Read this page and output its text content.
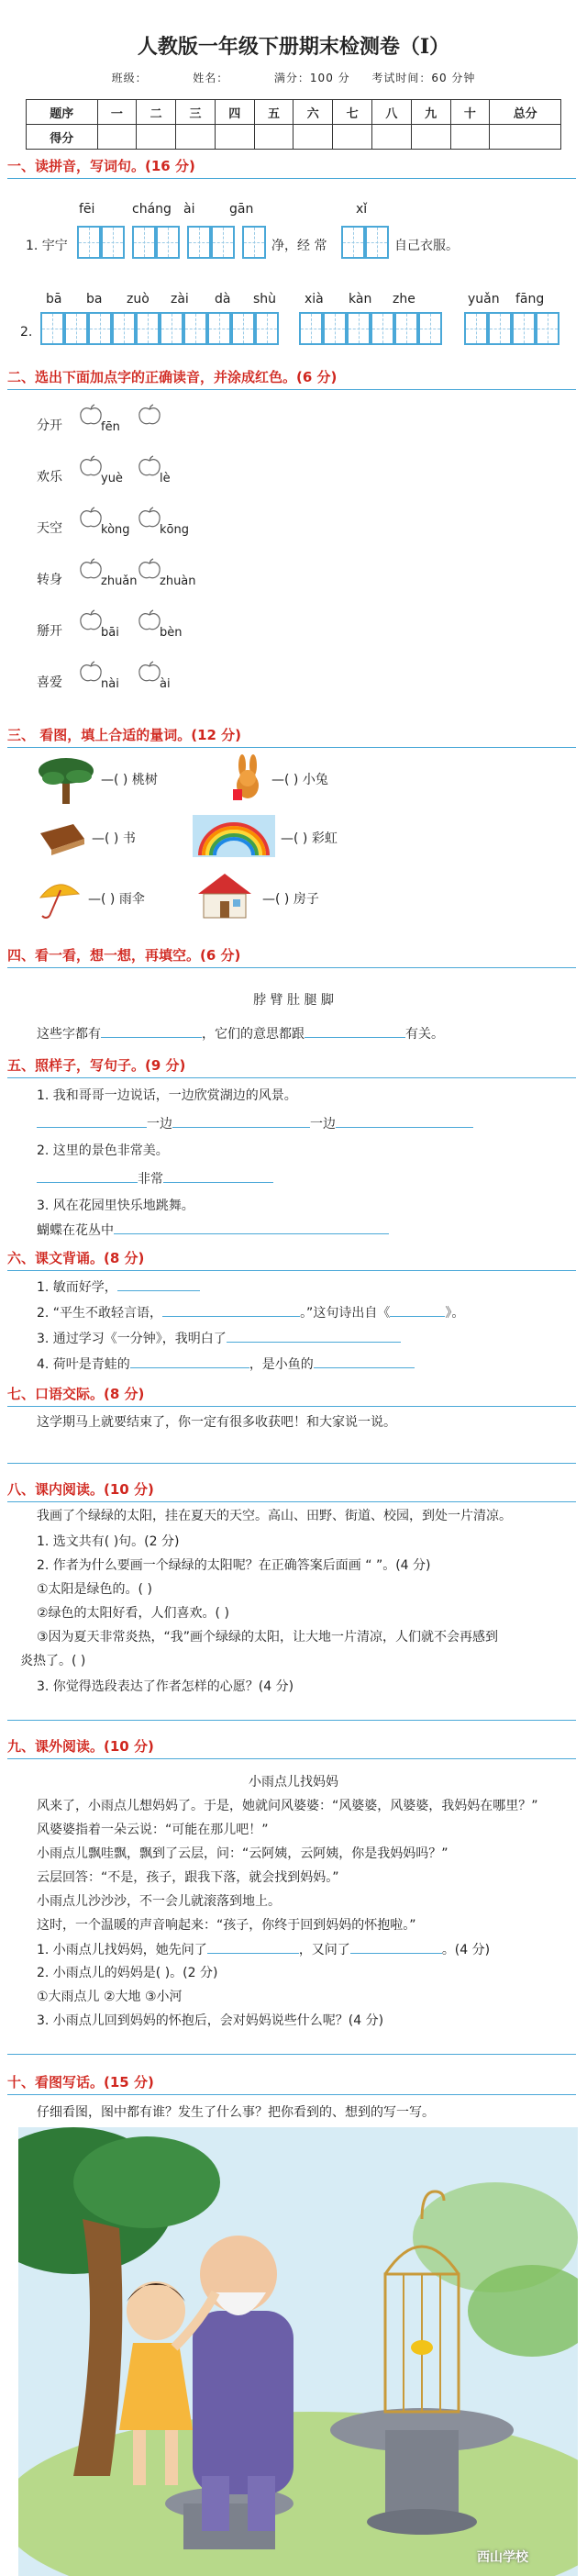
人教版一年级下册期末检测卷（Ⅰ）
班级：	姓名：	满分：100 分 考试时间：60 分钟
题序	一	二	三	四	五	六	七	八	九	十	总分
得分											
一、读拼音，写词句。(16 分)
fēi	cháng ài	gān	xǐ
1. 宇宁	净，经 常	自己衣服。
bā ba zuò zài dà shù xià kàn zhe	yuǎn fāng
2.
二、选出下面加点字的正确读音，并涂成红色。(6 分)
分开	fēn
欢乐	yuè	lè
天空	kòng kōng
转身	zhuǎn zhuàn
掰开	bāi	bèn
喜爱	nài	ài
三、 看图，填上合适的量词。(12 分)
—( ) 桃树	—( ) 小兔
—( ) 书	—( ) 彩虹
—( ) 雨伞	—( ) 房子
四、看一看，想一想，再填空。(6 分)
脖 臂 肚 腿 脚
这些字都有	，它们的意思都跟	有关。
五、照样子，写句子。(9 分)
1. 我和哥哥一边说话，一边欣赏湖边的风景。
一边	一边
2. 这里的景色非常美。
非常
3. 风在花园里快乐地跳舞。
蝴蝶在花丛中
六、课文背诵。(8 分)
1. 敏而好学，
2. “平生不敢轻言语，	。”这句诗出自《	》。
3. 通过学习《一分钟》，我明白了
4. 荷叶是青蛙的	，是小鱼的
七、口语交际。(8 分)
这学期马上就要结束了，你一定有很多收获吧！和大家说一说。
八、课内阅读。(10 分)
我画了个绿绿的太阳，挂在夏天的天空。高山、田野、街道、校园，到处一片清凉。
1. 选文共有( )句。(2 分)
2. 作者为什么要画一个绿绿的太阳呢？在正确答案后面画 “ ”。(4 分)
①太阳是绿色的。( )
②绿色的太阳好看，人们喜欢。( )
③因为夏天非常炎热，“我”画个绿绿的太阳，让大地一片清凉，人们就不会再感到
炎热了。( )
3. 你觉得选段表达了作者怎样的心愿？(4 分)
九、课外阅读。(10 分)
小雨点儿找妈妈
风来了，小雨点儿想妈妈了。于是，她就问风婆婆：“风婆婆，风婆婆，我妈妈在哪里？”
风婆婆指着一朵云说：“可能在那儿吧！”
小雨点儿飘哇飘，飘到了云层，问：“云阿姨，云阿姨，你是我妈妈吗？”
云层回答：“不是，孩子，跟我下落，就会找到妈妈。”
小雨点儿沙沙沙，不一会儿就滚落到地上。
这时，一个温暖的声音响起来：“孩子，你终于回到妈妈的怀抱啦。”
1. 小雨点儿找妈妈，她先问了	，又问了	。(4 分)
2. 小雨点儿的妈妈是( )。(2 分)
①大雨点儿 ②大地 ③小河
3. 小雨点儿回到妈妈的怀抱后，会对妈妈说些什么呢？(4 分)
十、看图写话。(15 分)
仔细看图，图中都有谁？发生了什么事？把你看到的、想到的写一写。
西山学校
